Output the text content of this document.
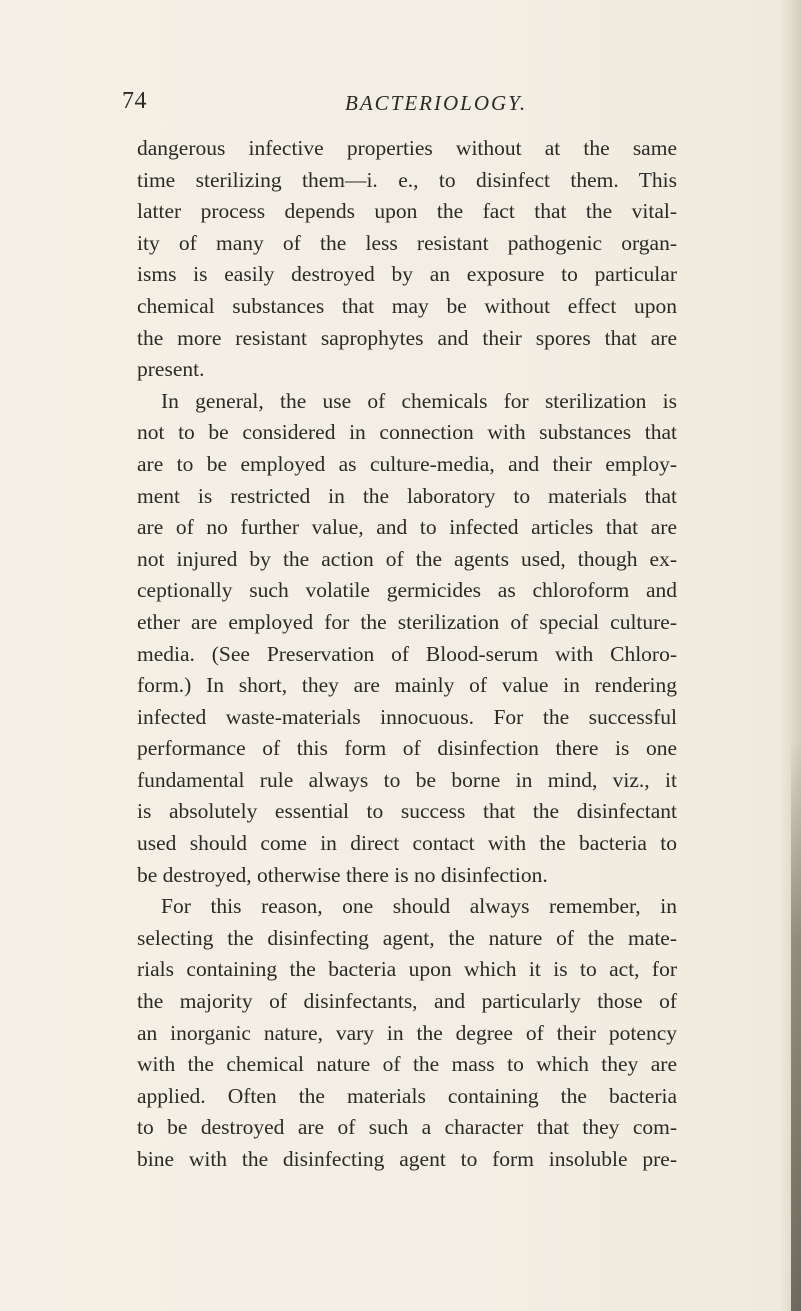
74	BACTERIOLOGY.
dangerous infective properties without at the same
time sterilizing them—i. e., to disinfect them. This
latter process depends upon the fact that the vital-
ity of many of the less resistant pathogenic organ-
isms is easily destroyed by an exposure to particular
chemical substances that may be without effect upon
the more resistant saprophytes and their spores that are
present.
In general, the use of chemicals for sterilization is
not to be considered in connection with substances that
are to be employed as culture-media, and their employ-
ment is restricted in the laboratory to materials that
are of no further value, and to infected articles that are
not injured by the action of the agents used, though ex-
ceptionally such volatile germicides as chloroform and
ether are employed for the sterilization of special culture-
media. (See Preservation of Blood-serum with Chloro-
form.) In short, they are mainly of value in rendering
infected waste-materials innocuous. For the successful
performance of this form of disinfection there is one
fundamental rule always to be borne in mind, viz., it
is absolutely essential to success that the disinfectant
used should come in direct contact with the bacteria to
be destroyed, otherwise there is no disinfection.
For this reason, one should always remember, in
selecting the disinfecting agent, the nature of the mate-
rials containing the bacteria upon which it is to act, for
the majority of disinfectants, and particularly those of
an inorganic nature, vary in the degree of their potency
with the chemical nature of the mass to which they are
applied. Often the materials containing the bacteria
to be destroyed are of such a character that they com-
bine with the disinfecting agent to form insoluble pre-
